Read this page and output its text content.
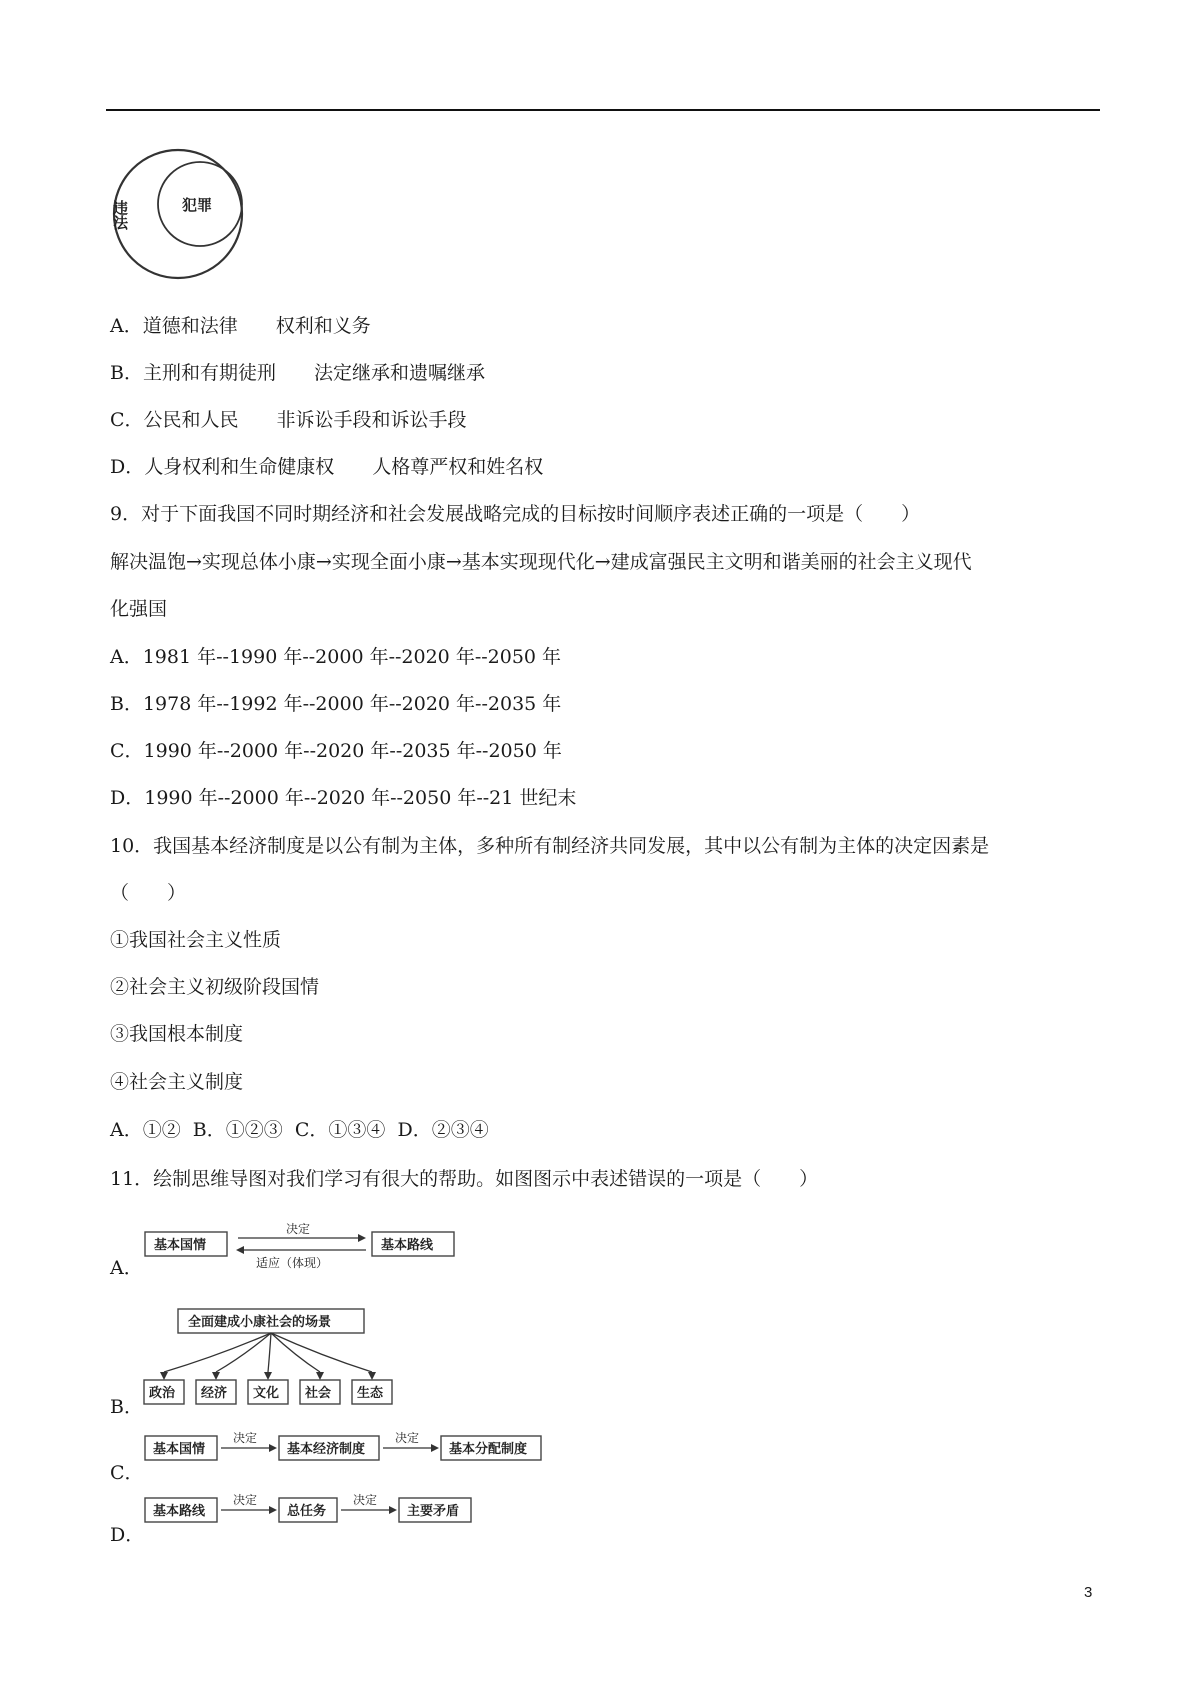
违法	犯罪
A．道德和法律　　权利和义务
B．主刑和有期徒刑　　法定继承和遗嘱继承
C．公民和人民　　非诉讼手段和诉讼手段
D．人身权利和生命健康权　　人格尊严权和姓名权
9．对于下面我国不同时期经济和社会发展战略完成的目标按时间顺序表述正确的一项是（　　）
解决温饱→实现总体小康→实现全面小康→基本实现现代化→建成富强民主文明和谐美丽的社会主义现代
化强国
A．1981 年--1990 年--2000 年--2020 年--2050 年
B．1978 年--1992 年--2000 年--2020 年--2035 年
C．1990 年--2000 年--2020 年--2035 年--2050 年
D．1990 年--2000 年--2020 年--2050 年--21 世纪末
10．我国基本经济制度是以公有制为主体，多种所有制经济共同发展，其中以公有制为主体的决定因素是
（　　）
①我国社会主义性质
②社会主义初级阶段国情
③我国根本制度
④社会主义制度
A．①②  B．①②③  C．①③④  D．②③④
11．绘制思维导图对我们学习有很大的帮助。如图图示中表述错误的一项是（　　）
A．
基本国情
决定
适应（体现）
基本路线
B．
全面建成小康社会的场景
政治 经济 文化 社会 生态
C．
基本国情
决定
基本经济制度
决定
基本分配制度
D．
基本路线
决定
总任务
决定
主要矛盾
3
